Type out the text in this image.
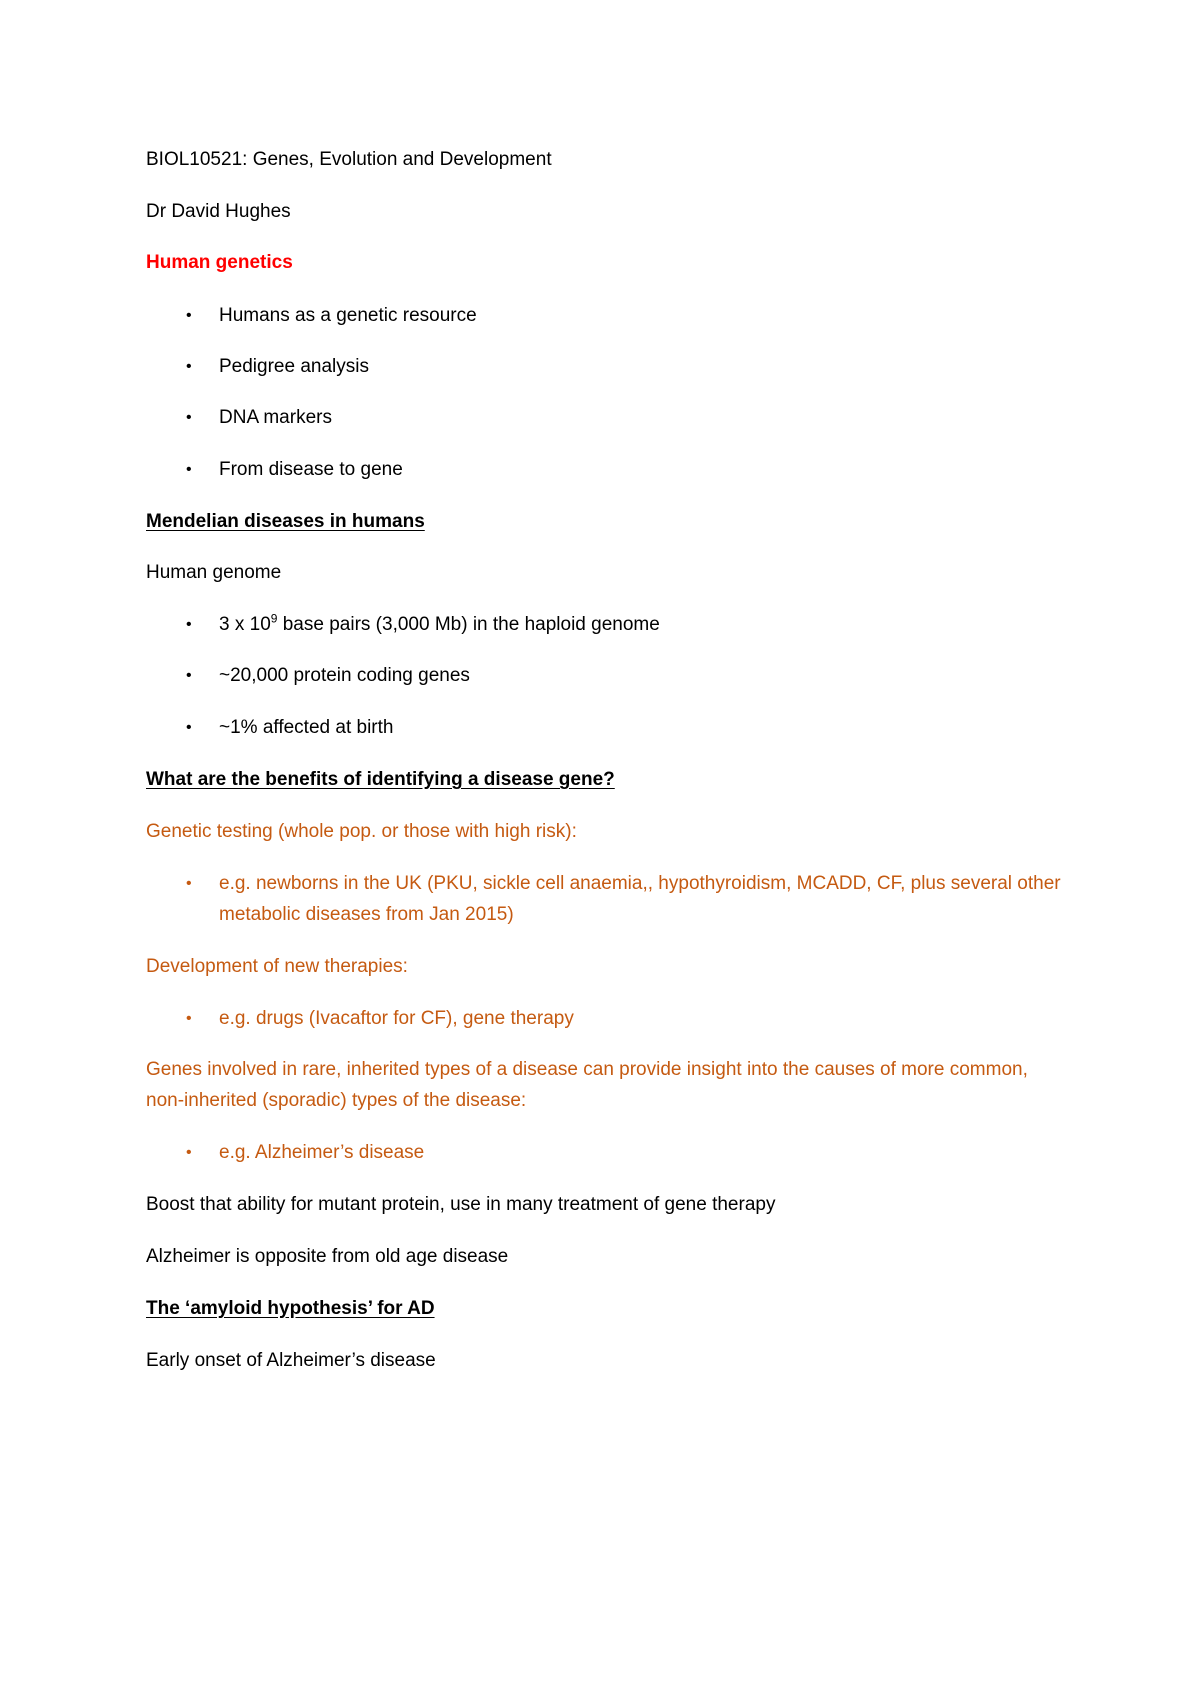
BIOL10521: Genes, Evolution and Development
Dr David Hughes
Human genetics
• Humans as a genetic resource
• Pedigree analysis
• DNA markers
• From disease to gene
Mendelian diseases in humans
Human genome
• 3 x $10^9$ base pairs (3,000 Mb) in the haploid genome
• ~20,000 protein coding genes
• ~1% affected at birth
What are the benefits of identifying a disease gene?
Genetic testing (whole pop. or those with high risk):
• e.g. newborns in the UK (PKU, sickle cell anaemia,, hypothyroidism, MCADD, CF, plus several other metabolic diseases from Jan 2015)
Development of new therapies:
• e.g. drugs (Ivacaftor for CF), gene therapy
Genes involved in rare, inherited types of a disease can provide insight into the causes of more common, non-inherited (sporadic) types of the disease:
• e.g. Alzheimer’s disease
Boost that ability for mutant protein, use in many treatment of gene therapy
Alzheimer is opposite from old age disease
The ‘amyloid hypothesis’ for AD
Early onset of Alzheimer’s disease
